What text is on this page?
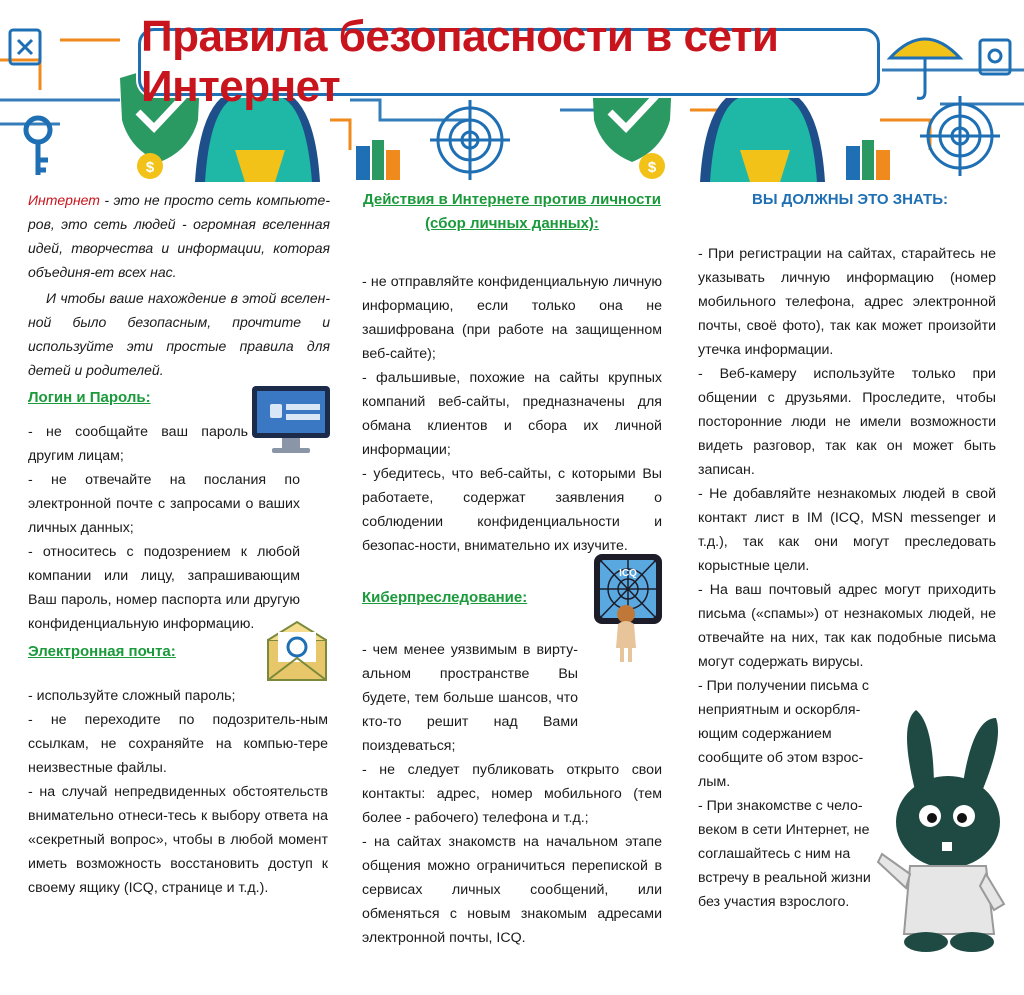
$	$
Правила безопасности в сети Интернет

Интернет - это не просто сеть компьюте-ров, это сеть людей - огромная вселенная идей, творчества и информации, которая объединя-ет всех нас.

И чтобы ваше нахождение в этой вселен-ной было безопасным, прочтите и используйте эти простые правила для детей и родителей.

Логин и Пароль:

- не сообщайте ваш пароль другим лицам;

- не отвечайте на послания по электронной почте с запросами о ваших личных данных;

- относитесь с подозрением к любой компании или лицу, запрашивающим Ваш пароль, номер паспорта или другую конфиденциальную информацию.

Электронная почта:

- используйте сложный пароль;

- не переходите по подозритель-ным ссылкам, не сохраняйте на компью-тере неизвестные файлы.

- на случай непредвиденных обстоятельств внимательно отнеси-тесь к выбору ответа на «секретный вопрос», чтобы в любой момент иметь возможность восстановить доступ к своему ящику (ICQ, странице и т.д.).

Действия в Интернете против личности
(сбор личных данных):

- не отправляйте конфиденциальную личную информацию, если только она не зашифрована (при работе на защищенном веб-сайте);

- фальшивые, похожие на сайты крупных компаний веб-сайты, предназначены для обмана клиентов и сбора их личной информации;

- убедитесь, что веб-сайты, с которыми Вы работаете, содержат заявления о соблюдении конфиденциальности и безопас-ности, внимательно их изучите.

Киберпреследование:
ICQ

- чем менее уязвимым в вирту-альном пространстве Вы будете, тем больше шансов, что кто-то решит над Вами поиздеваться;

- не следует публиковать открыто свои контакты: адрес, номер мобильного (тем более - рабочего) телефона и т.д.;

- на сайтах знакомств на начальном этапе общения можно ограничиться перепиской в сервисах личных сообщений, или обменяться с новым знакомым адресами электронной почты, ICQ.

ВЫ ДОЛЖНЫ ЭТО ЗНАТЬ:

- При регистрации на сайтах, старайтесь не указывать личную информацию (номер мобильного телефона, адрес электронной почты, своё фото), так как может произойти утечка информации.

- Веб-камеру используйте только при общении с друзьями. Проследите, чтобы посторонние люди не имели возможности видеть разговор, так как он может быть записан.

- Не добавляйте незнакомых людей в свой контакт лист в IM (ICQ, MSN messenger и т.д.), так как они могут преследовать корыстные цели.

- На ваш почтовый адрес могут приходить письма («спамы») от незнакомых людей, не отвечайте на них, так как подобные письма могут содержать вирусы.

- При получении письма с неприятным и оскорбля-ющим содержанием сообщите об этом взрос-лым.

- При знакомстве с чело-веком в сети Интернет, не соглашайтесь с ним на встречу в реальной жизни без участия взрослого.
